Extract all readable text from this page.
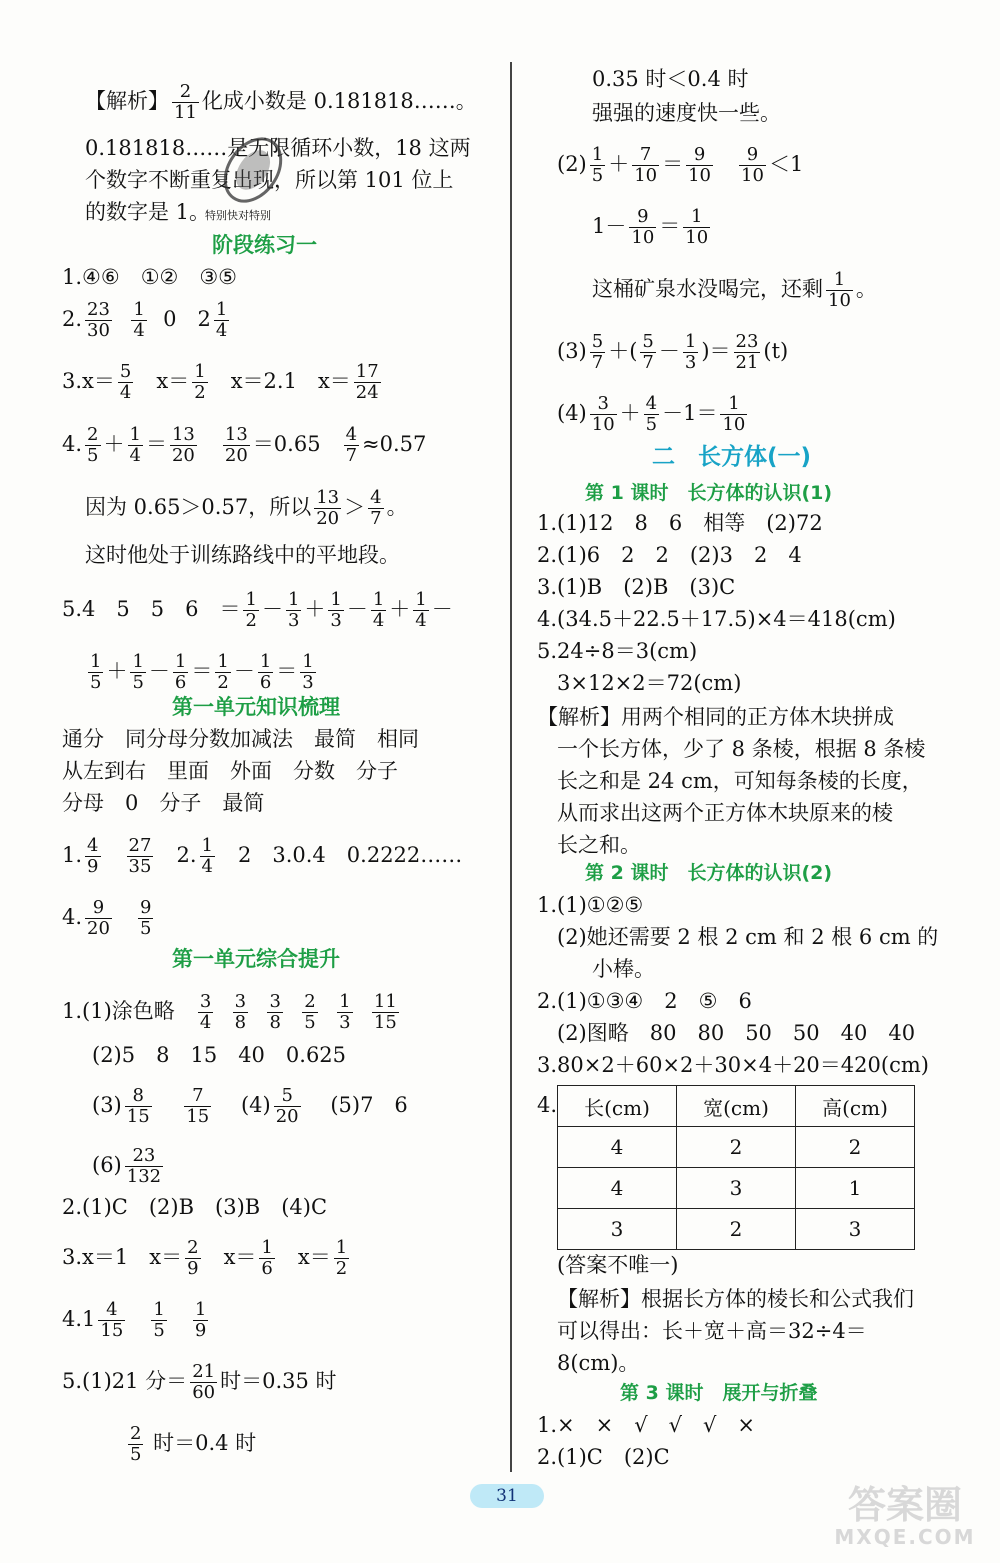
【解析】 $\frac{2}{11}$ 化成小数是 0.181818……。
0.181818……是无限循环小数，18 这两
个数字不断重复出现，所以第 101 位上
的数字是 1。
特别快对特别
阶段练习一
1.④⑥　①②　③⑤
2. $\frac{23}{30}$
$\frac{1}{4} 0$　$2 \frac{1}{4}$
$3.x= \frac{5}{4} x= \frac{1}{2} x=2.1$　$x= \frac{17}{24}$
4. $\frac{2}{5} + \frac{1}{4} = \frac{13}{20}$
$\frac{13}{20} =0.65 \frac{4}{7} \approx 0.57$
因为 0.65＞0.57，所以 $\frac{13}{20} > \frac{4}{7}$ 。
这时他处于训练路线中的平地段。
5.4　5　5　6　＝ $\frac{1}{2} - \frac{1}{3} + \frac{1}{3} - \frac{1}{4} + \frac{1}{4}$ －
$\frac{1}{5} + \frac{1}{5} - \frac{1}{6} = \frac{1}{2} - \frac{1}{6} = \frac{1}{3}$
第一单元知识梳理
通分　同分母分数加减法　最简　相同
从左到右　里面　外面　分数　分子
分母　0　分子　最简
1. $\frac{4}{9}$
$\frac{27}{35} 2$. $\frac{1}{4} 2$　3.0.4　0.2222……
4. $\frac{9}{20}$
$\frac{9}{5}$
第一单元综合提升
1.(1)涂色略 $\frac{3}{4}$
$\frac{3}{8}$
$\frac{3}{8}$
$\frac{2}{5}$
$\frac{1}{3}$
$\frac{11}{15}$
(2)5　8　15　40　0.625
$(3) \frac{8}{15}$
$\frac{7}{15} (4) \frac{5}{20} (5)7$　6
$(6) \frac{23}{132}$
2.(1)C　(2)B　(3)B　(4)C
3.x＝1　$x= \frac{2}{9} x= \frac{1}{6} x= \frac{1}{2}$
$4.1 \frac{4}{15}$
$\frac{1}{5}$
$\frac{1}{9}$
5.(1)21 分＝ $\frac{21}{60}$ 时＝0.35 时
$\frac{2}{5}$ 时＝0.4 时
0.35 时＜0.4 时
强强的速度快一些。
$(2) \frac{1}{5} + \frac{7}{10} = \frac{9}{10}$
$\frac{9}{10} <1$
$1- \frac{9}{10} = \frac{1}{10}$
这桶矿泉水没喝完，还剩 $\frac{1}{10}$ 。
$(3) \frac{5}{7}$ ＋( $\frac{5}{7} - \frac{1}{3}$ )＝ $\frac{23}{21} (t)$
$(4) \frac{3}{10} + \frac{4}{5} -1= \frac{1}{10}$
二　长方体(一)
第 1 课时　长方体的认识(1)
1.(1)12　8　6　相等　(2)72
2.(1)6　2　2　(2)3　2　4
3.(1)B　(2)B　(3)C
4.(34.5＋22.5＋17.5)×4＝418(cm)
5.24÷8＝3(cm)
3×12×2＝72(cm)
【解析】用两个相同的正方体木块拼成
一个长方体，少了 8 条棱，根据 8 条棱
长之和是 24 cm，可知每条棱的长度，
从而求出这两个正方体木块原来的棱
长之和。
第 2 课时　长方体的认识(2)
1.(1)①②⑤
(2)她还需要 2 根 2 cm 和 2 根 6 cm 的
小棒。
2.(1)①③④　2　⑤　6
(2)图略　80　80　50　50　40　40
3.80×2＋60×2＋30×4＋20＝420(cm)
4. 长(cm)	宽(cm)	高(cm)
4	2	2
4	3	1
3	2	3
(答案不唯一)
【解析】根据长方体的棱长和公式我们
可以得出：长＋宽＋高＝32÷4＝
8(cm)。
第 3 课时　展开与折叠
1.×　×　√　√　√　×
2.(1)C　(2)C
31	答案圈
MXQE.COM
